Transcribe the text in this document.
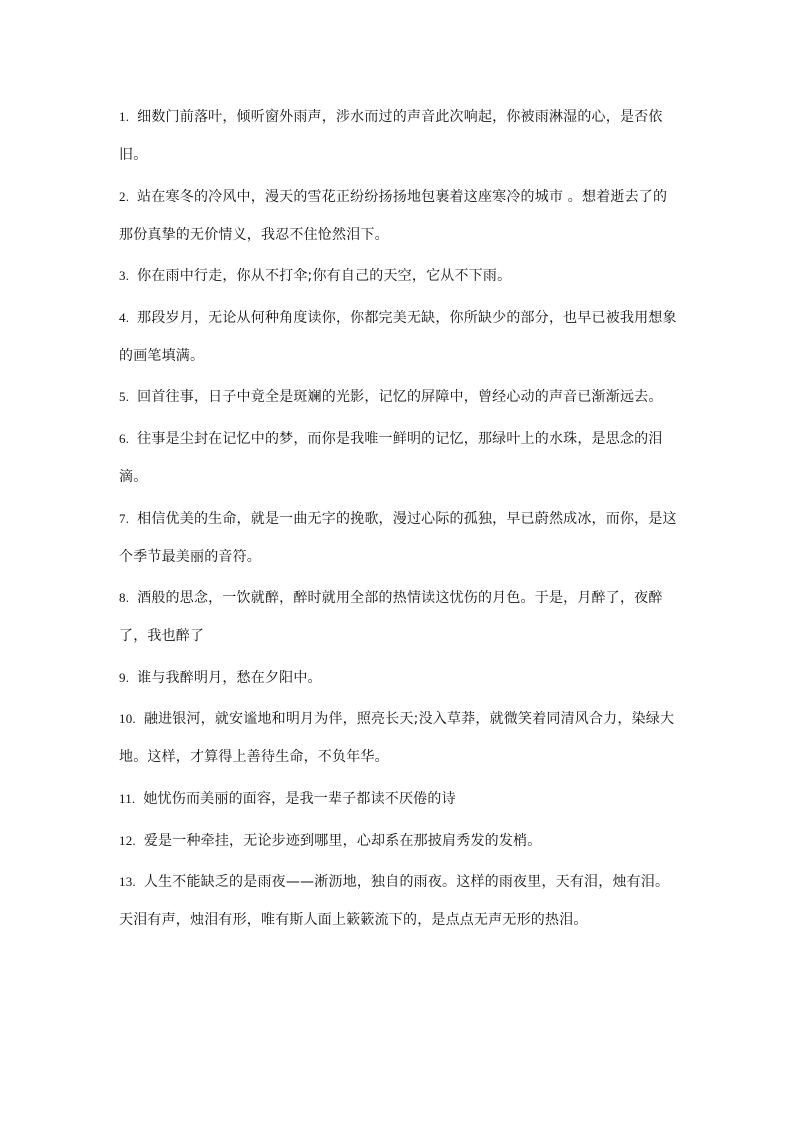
1. 细数门前落叶，倾听窗外雨声，涉水而过的声音此次响起，你被雨淋湿的心，是否依旧。

2. 站在寒冬的冷风中，漫天的雪花正纷纷扬扬地包裹着这座寒冷的城市 。想着逝去了的那份真挚的无价情义，我忍不住怆然泪下。

3. 你在雨中行走，你从不打伞;你有自己的天空，它从不下雨。

4. 那段岁月，无论从何种角度读你，你都完美无缺，你所缺少的部分，也早已被我用想象的画笔填满。

5. 回首往事，日子中竟全是斑斓的光影，记忆的屏障中，曾经心动的声音已渐渐远去。

6. 往事是尘封在记忆中的梦，而你是我唯一鲜明的记忆，那绿叶上的水珠，是思念的泪滴。

7. 相信优美的生命，就是一曲无字的挽歌，漫过心际的孤独，早已蔚然成冰，而你，是这个季节最美丽的音符。

8. 酒般的思念，一饮就醉，醉时就用全部的热情读这忧伤的月色。于是，月醉了，夜醉了，我也醉了

9. 谁与我醉明月，愁在夕阳中。

10. 融进银河，就安谧地和明月为伴，照亮长天;没入草莽，就微笑着同清风合力，染绿大地。这样，才算得上善待生命，不负年华。

11. 她忧伤而美丽的面容，是我一辈子都读不厌倦的诗

12. 爱是一种牵挂，无论步迹到哪里，心却系在那披肩秀发的发梢。

13. 人生不能缺乏的是雨夜——淅沥地，独自的雨夜。这样的雨夜里，天有泪，烛有泪。天泪有声，烛泪有形，唯有斯人面上簌簌流下的，是点点无声无形的热泪。
